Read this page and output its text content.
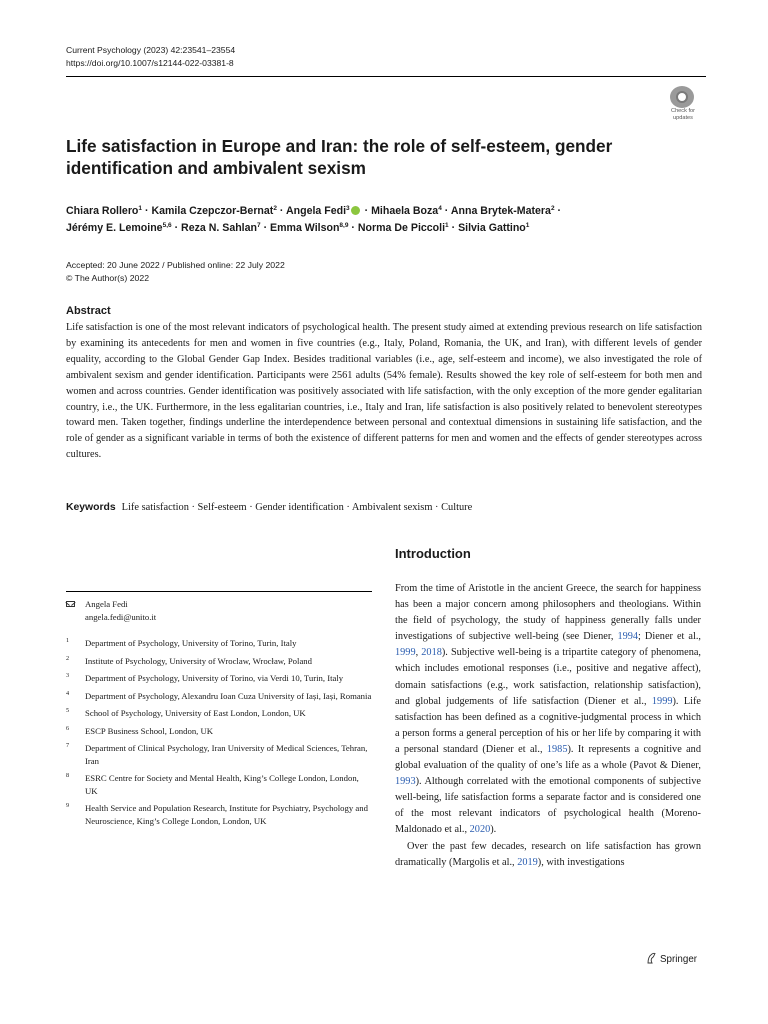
Current Psychology (2023) 42:23541–23554
https://doi.org/10.1007/s12144-022-03381-8
Check for
updates
Life satisfaction in Europe and Iran: the role of self-esteem, gender identification and ambivalent sexism
Chiara Rollero$^1$ · Kamila Czepczor-Bernat$^2$ · Angela Fedi$^3$ · Mihaela Boza$^4$ · Anna Brytek-Matera$^2$ ·
Jérémy E. Lemoine$^{5,6}$ · Reza N. Sahlan$^7$ · Emma Wilson$^{8,9}$ · Norma De Piccoli$^1$ · Silvia Gattino$^1$
Accepted: 20 June 2022 / Published online: 22 July 2022
© The Author(s) 2022
Abstract
Life satisfaction is one of the most relevant indicators of psychological health. The present study aimed at extending previous research on life satisfaction by examining its antecedents for men and women in five countries (e.g., Italy, Poland, Romania, the UK, and Iran), with different levels of gender equality, according to the Global Gender Gap Index. Besides traditional variables (i.e., age, self-esteem and income), we also investigated the role of ambivalent sexism and gender identification. Participants were 2561 adults (54% female). Results showed the key role of self-esteem for both men and women and across countries. Gender identification was positively associated with life satisfaction, with the only exception of the more gender egalitarian country, i.e., the UK. Furthermore, in the less egalitarian countries, i.e., Italy and Iran, life satisfaction is also positively related to benevolent stereotypes toward men. Taken together, findings underline the interdependence between personal and contextual dimensions in sustaining life satisfaction, and the role of gender as a significant variable in terms of both the existence of different patterns for men and women and the effects of gender stereotypes across cultures.
Keywords Life satisfaction · Self-esteem · Gender identification · Ambivalent sexism · Culture
Introduction

From the time of Aristotle in the ancient Greece, the search for happiness has been a major concern among philosophers and theologians. Within the field of psychology, the study of happiness generally falls under investigations of subjective well-being (see Diener, 1994; Diener et al., 1999, 2018). Subjective well-being is a tripartite category of phenomena, which includes emotional responses (i.e., positive and negative affect), domain satisfactions (e.g., work satisfaction, relationship satisfaction), and global judgements of life satisfaction (Diener et al., 1999). Life satisfaction has been defined as a cognitive-judgmental process in which a person forms a general perception of his or her life by comparing it with a personal standard (Diener et al., 1985). It represents a cognitive and global evaluation of the quality of one’s life as a whole (Pavot & Diener, 1993). Although correlated with the emotional components of subjective well-being, life satisfaction forms a separate factor and is considered one of the most relevant indicators of psychological health (Moreno-Maldonado et al., 2020).

Over the past few decades, research on life satisfaction has grown dramatically (Margolis et al., 2019), with investigations

Angela Fedi
angela.fedi@unito.it
1 Department of Psychology, University of Torino, Turin, Italy
2 Institute of Psychology, University of Wroclaw, Wrocław, Poland
3 Department of Psychology, University of Torino, via Verdi 10, Turin, Italy
4 Department of Psychology, Alexandru Ioan Cuza University of Iași, Iași, Romania
5 School of Psychology, University of East London, London, UK
6 ESCP Business School, London, UK
7 Department of Clinical Psychology, Iran University of Medical Sciences, Tehran, Iran
8 ESRC Centre for Society and Mental Health, King’s College London, London, UK
9 Health Service and Population Research, Institute for Psychiatry, Psychology and Neuroscience, King’s College London, London, UK
Springer
